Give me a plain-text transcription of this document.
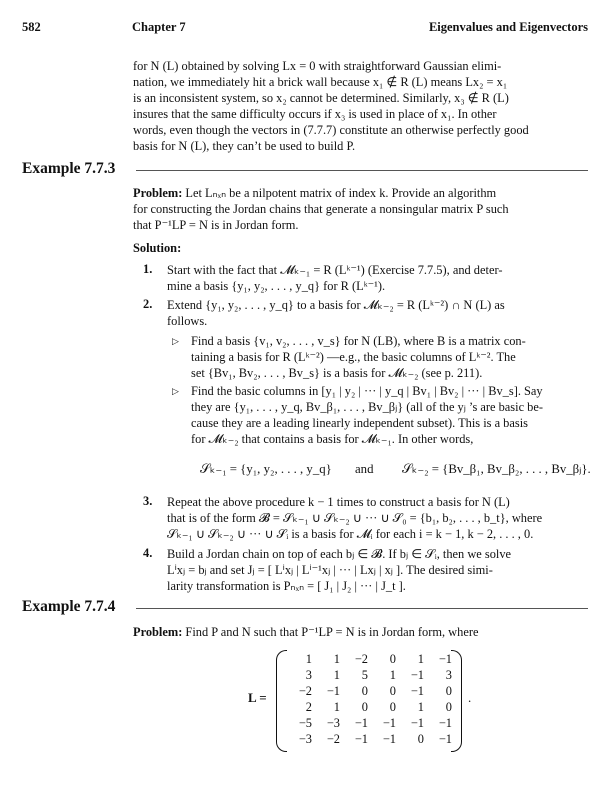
582	Chapter 7	Eigenvalues and Eigenvectors
for N (L) obtained by solving Lx = 0 with straightforward Gaussian elimi-
nation, we immediately hit a brick wall because x₁ ∉ R (L) means Lx₂ = x₁
is an inconsistent system, so x₂ cannot be determined. Similarly, x₃ ∉ R (L)
insures that the same difficulty occurs if x₃ is used in place of x₁. In other
words, even though the vectors in (7.7.7) constitute an otherwise perfectly good
basis for N (L), they can’t be used to build P.
Example 7.7.3
Problem: Let Lₙₓₙ be a nilpotent matrix of index k. Provide an algorithm
for constructing the Jordan chains that generate a nonsingular matrix P such
that P⁻¹LP = N is in Jordan form.
Solution:
1. Start with the fact that 𝓜ₖ₋₁ = R (Lᵏ⁻¹) (Exercise 7.7.5), and deter-
mine a basis {y₁, y₂, . . . , y_q} for R (Lᵏ⁻¹).
2. Extend {y₁, y₂, . . . , y_q} to a basis for 𝓜ₖ₋₂ = R (Lᵏ⁻²) ∩ N (L) as
follows.
▷ Find a basis {v₁, v₂, . . . , v_s} for N (LB), where B is a matrix con-
taining a basis for R (Lᵏ⁻²) —e.g., the basic columns of Lᵏ⁻². The
set {Bv₁, Bv₂, . . . , Bv_s} is a basis for 𝓜ₖ₋₂ (see p. 211).
▷ Find the basic columns in [y₁ | y₂ | ··· | y_q | Bv₁ | Bv₂ | ··· | Bv_s]. Say
they are {y₁, . . . , y_q, Bv_β₁, . . . , Bv_βⱼ} (all of the yⱼ ’s are basic be-
cause they are a leading linearly independent subset). This is a basis
for 𝓜ₖ₋₂ that contains a basis for 𝓜ₖ₋₁. In other words,
𝒮ₖ₋₁ = {y₁, y₂, . . . , y_q} and 𝒮ₖ₋₂ = {Bv_β₁, Bv_β₂, . . . , Bv_βⱼ}.
3. Repeat the above procedure k − 1 times to construct a basis for N (L)
that is of the form 𝓑 = 𝒮ₖ₋₁ ∪ 𝒮ₖ₋₂ ∪ ··· ∪ 𝒮₀ = {b₁, b₂, . . . , b_t}, where
𝒮ₖ₋₁ ∪ 𝒮ₖ₋₂ ∪ ··· ∪ 𝒮ᵢ is a basis for 𝓜ᵢ for each i = k − 1, k − 2, . . . , 0.
4. Build a Jordan chain on top of each bⱼ ∈ 𝓑. If bⱼ ∈ 𝒮ᵢ, then we solve
Lⁱxⱼ = bⱼ and set Jⱼ = [ Lⁱxⱼ | Lⁱ⁻¹xⱼ | ··· | Lxⱼ | xⱼ ]. The desired simi-
larity transformation is Pₙₓₙ = [ J₁ | J₂ | ··· | J_t ].
Example 7.7.4
Problem: Find P and N such that P⁻¹LP = N is in Jordan form, where
L =
1	1	−2	0	1	−1
3	1	5	1	−1	3
−2	−1	0	0	−1	0
2	1	0	0	1	0
−5	−3	−1	−1	−1	−1
−3	−2	−1	−1	0	−1
.
